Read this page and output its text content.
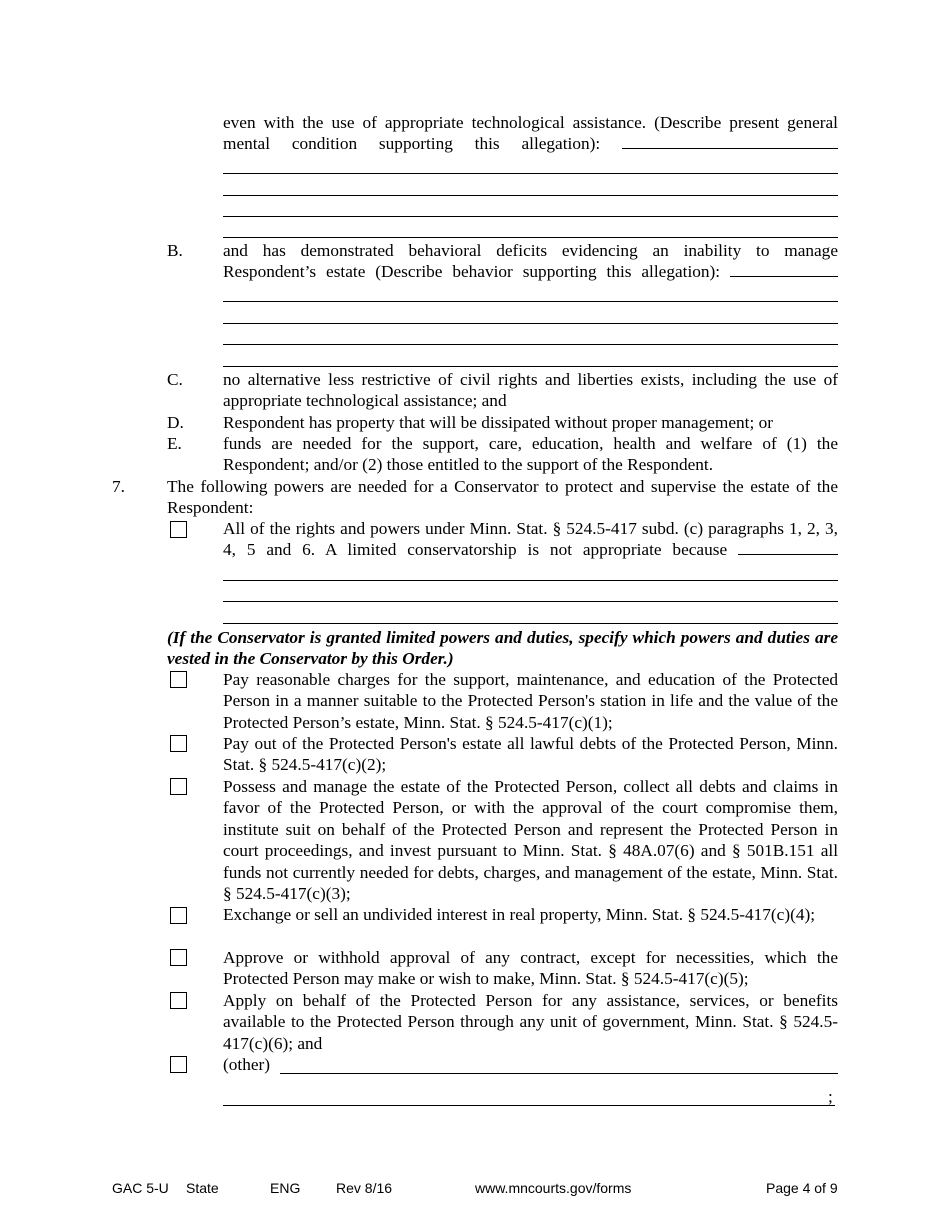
even with the use of appropriate technological assistance. (Describe present general mental condition supporting this allegation):
B. and has demonstrated behavioral deficits evidencing an inability to manage Respondent’s estate (Describe behavior supporting this allegation):
C. no alternative less restrictive of civil rights and liberties exists, including the use of appropriate technological assistance; and
D. Respondent has property that will be dissipated without proper management; or
E. funds are needed for the support, care, education, health and welfare of (1) the Respondent; and/or (2) those entitled to the support of the Respondent.
7. The following powers are needed for a Conservator to protect and supervise the estate of the Respondent:
All of the rights and powers under Minn. Stat. § 524.5-417 subd. (c) paragraphs 1, 2, 3, 4, 5 and 6. A limited conservatorship is not appropriate because
(If the Conservator is granted limited powers and duties, specify which powers and duties are vested in the Conservator by this Order.)
Pay reasonable charges for the support, maintenance, and education of the Protected Person in a manner suitable to the Protected Person's station in life and the value of the Protected Person’s estate, Minn. Stat. § 524.5-417(c)(1);
Pay out of the Protected Person's estate all lawful debts of the Protected Person, Minn. Stat. § 524.5-417(c)(2);
Possess and manage the estate of the Protected Person, collect all debts and claims in favor of the Protected Person, or with the approval of the court compromise them, institute suit on behalf of the Protected Person and represent the Protected Person in court proceedings, and invest pursuant to Minn. Stat. § 48A.07(6) and § 501B.151 all funds not currently needed for debts, charges, and management of the estate, Minn. Stat. § 524.5-417(c)(3);
Exchange or sell an undivided interest in real property, Minn. Stat. § 524.5-417(c)(4);
Approve or withhold approval of any contract, except for necessities, which the Protected Person may make or wish to make, Minn. Stat. § 524.5-417(c)(5);
Apply on behalf of the Protected Person for any assistance, services, or benefits available to the Protected Person through any unit of government, Minn. Stat. § 524.5-417(c)(6); and
(other)
;
GAC 5-U State	ENG	Rev 8/16	www.mncourts.gov/forms	Page 4 of 9
